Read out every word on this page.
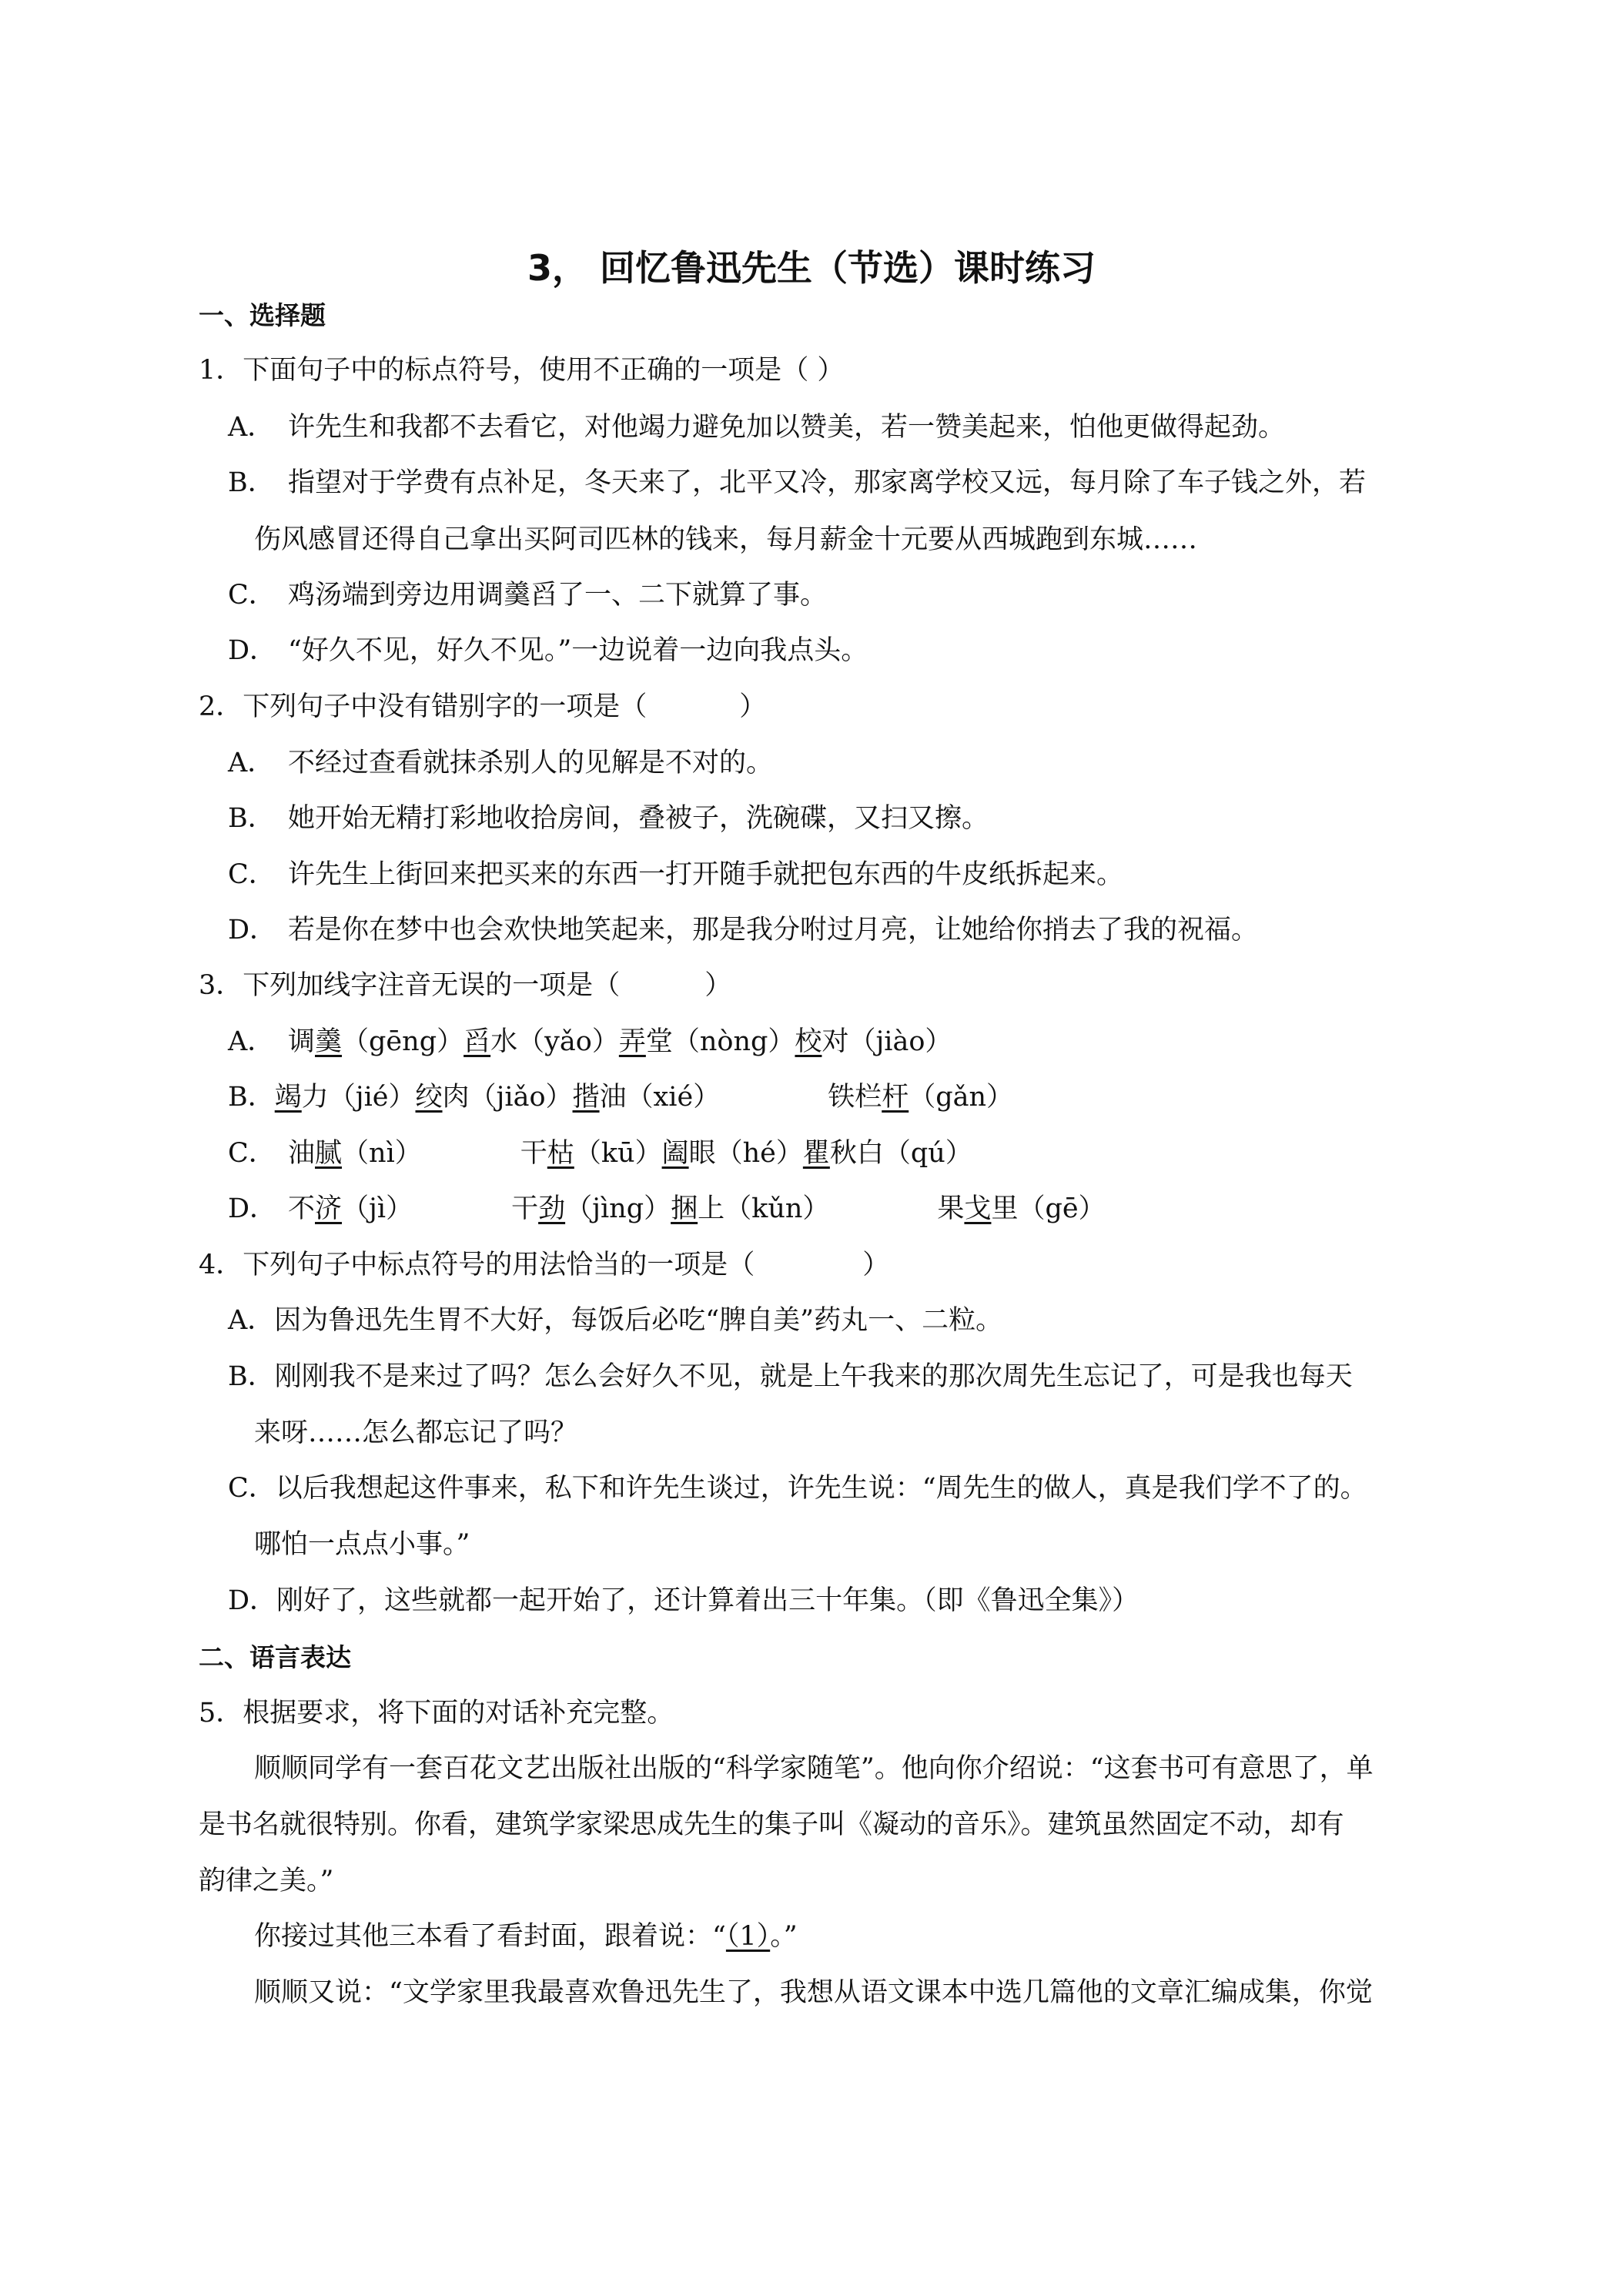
3， 回忆鲁迅先生（节选）课时练习
一、选择题
1．下面句子中的标点符号，使用不正确的一项是（ ）
A． 许先生和我都不去看它，对他竭力避免加以赞美，若一赞美起来，怕他更做得起劲。
B． 指望对于学费有点补足，冬天来了，北平又冷，那家离学校又远，每月除了车子钱之外，若
伤风感冒还得自己拿出买阿司匹林的钱来，每月薪金十元要从西城跑到东城……
C． 鸡汤端到旁边用调羹舀了一、二下就算了事。
D． “好久不见，好久不见。”一边说着一边向我点头。
2．下列句子中没有错别字的一项是（	）
A． 不经过查看就抹杀别人的见解是不对的。
B． 她开始无精打彩地收拾房间，叠被子，洗碗碟，又扫又擦。
C． 许先生上街回来把买来的东西一打开随手就把包东西的牛皮纸拆起来。
D． 若是你在梦中也会欢快地笑起来，那是我分咐过月亮，让她给你捎去了我的祝福。
3．下列加线字注音无误的一项是（	）
A． 调羹（gēng）舀水（yǎo）弄堂（nòng）校对（jiào）
B．竭力（jié）绞肉（jiǎo）揩油（xié）	铁栏杆（gǎn）
C． 油腻（nì）	干枯（kū）阖眼（hé）瞿秋白（qú）
D． 不济（jì）	干劲（jìng）捆上（kǔn）	果戈里（gē）
4．下列句子中标点符号的用法恰当的一项是（	）
A．因为鲁迅先生胃不大好，每饭后必吃“脾自美”药丸一、二粒。
B．刚刚我不是来过了吗？怎么会好久不见，就是上午我来的那次周先生忘记了，可是我也每天
来呀……怎么都忘记了吗？
C．以后我想起这件事来，私下和许先生谈过，许先生说：“周先生的做人，真是我们学不了的。
哪怕一点点小事。”
D．刚好了，这些就都一起开始了，还计算着出三十年集。（即《鲁迅全集》）
二、语言表达
5．根据要求，将下面的对话补充完整。
顺顺同学有一套百花文艺出版社出版的“科学家随笔”。他向你介绍说：“这套书可有意思了，单
是书名就很特别。你看，建筑学家梁思成先生的集子叫《凝动的音乐》。建筑虽然固定不动，却有
韵律之美。”
你接过其他三本看了看封面，跟着说：“（1）。”
顺顺又说：“文学家里我最喜欢鲁迅先生了，我想从语文课本中选几篇他的文章汇编成集，你觉
